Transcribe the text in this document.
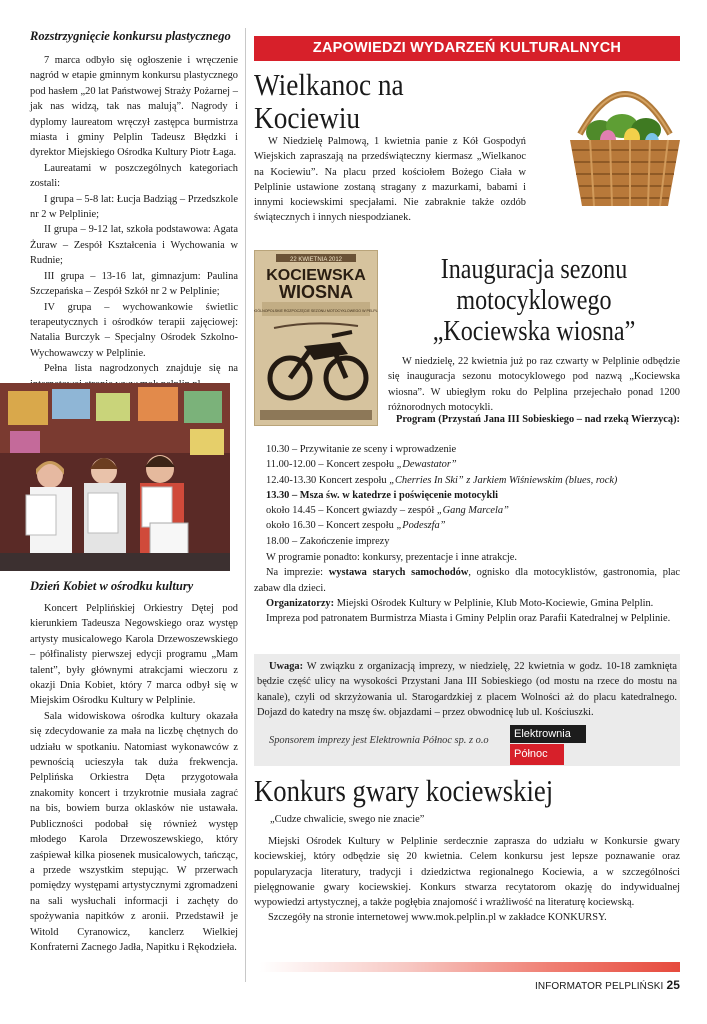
Rozstrzygnięcie konkursu plastycznego

7 marca odbyło się ogłoszenie i wręczenie nagród w etapie gminnym konkursu plastycznego pod hasłem „20 lat Państwowej Straży Pożarnej – jak nas widzą, tak nas malują”. Nagrody i dyplomy laureatom wręczył zastępca burmistrza miasta i gminy Pelplin Tadeusz Błędzki i dyrektor Miejskiego Ośrodka Kultury Piotr Łaga.

Laureatami w poszczególnych kategoriach zostali:

I grupa – 5-8 lat: Łucja Badziąg – Przedszkole nr 2 w Pelplinie;

II grupa – 9-12 lat, szkoła podstawowa: Agata Żuraw – Zespół Kształcenia i Wychowania w Rudnie;

III grupa – 13-16 lat, gimnazjum: Paulina Szczepańska – Zespół Szkół nr 2 w Pelplinie;

IV grupa – wychowankowie świetlic terapeutycznych i ośrodków terapii zajęciowej: Natalia Burczyk – Specjalny Ośrodek Szkolno-Wychowawczy w Pelplinie.

Pełna lista nagrodzonych znajduje się na

Dzień Kobiet w ośrodku kultury

Koncert Pelplińskiej Orkiestry Dętej pod kierunkiem Tadeusza Negowskiego oraz występ artysty musicalowego Karola Drzewoszewskiego – półfinalisty pierwszej edycji programu „Mam talent”, były głównymi atrakcjami wieczoru z okazji Dnia Kobiet, który 7 marca odbył się w Miejskim Ośrodku Kultury w Pelplinie.

Sala widowiskowa ośrodka kultury okazała się zdecydowanie za mała na liczbę chętnych do udziału w spotkaniu. Natomiast wykonawców z pewnością ucieszyła tak duża frekwencja. Pelplińska Orkiestra Dęta przygotowała znakomity koncert i trzykrotnie musiała zagrać na bis, bowiem burza oklasków nie ustawała. Publiczności podobał się również występ młodego Karola Drzewoszewskiego, który zaśpiewał kilka piosenek musicalowych, tańcząc, a przede wszystkim stepując. W przerwach pomiędzy występami artystycznymi zgromadzeni na sali wysłuchali informacji i zachęty do spożywania napitków z aronii. Przedstawił je Witold Cyranowicz, kanclerz Wielkiej Konfraterni Zacnego Jadła, Napitku i Rękodzieła.

ZAPOWIEDZI WYDARZEŃ KULTURALNYCH
Wielkanoc na
Kociewiu

W Niedzielę Palmową, 1 kwietnia panie z Kół Gospodyń Wiejskich zapraszają na przedświąteczny kiermasz „Wielkanoc na Kociewiu”. Na placu przed kościołem Bożego Ciała w Pelplinie ustawione zostaną stragany z mazurkami, babami i innymi kociewskimi specjałami. Nie zabraknie także ozdób świątecznych i innych niespodzianek.

22 KWIETNIA 2012
KOCIEWSKA
WIOSNA
IV OGÓLNOPOLSKIE ROZPOCZĘCIE SEZONU MOTOCYKLOWEGO W PELPLINIE
Inauguracja sezonu
motocyklowego
„Kociewska wiosna”

W niedzielę, 22 kwietnia już po raz czwarty w Pelplinie odbędzie się inauguracja sezonu motocyklowego pod nazwą „Kociewska wiosna”. W ubiegłym roku do Pelplina przejechało ponad 1200 różnorodnych motocykli.

Program (Przystań Jana III Sobieskiego – nad rzeką Wierzycą):
10.30 – Przywitanie ze sceny i wprowadzenie
11.00-12.00 – Koncert zespołu „Dewastator”
12.40-13.30 Koncert zespołu „Cherries In Ski” z Jarkiem Wiśniewskim (blues, rock)
13.30 – Msza św. w katedrze i poświęcenie motocykli
około 14.45 – Koncert gwiazdy – zespół „Gang Marcela”
około 16.30 – Koncert zespołu „Podeszfa”
18.00 – Zakończenie imprezy

W programie ponadto: konkursy, prezentacje i inne atrakcje.

Na imprezie: wystawa starych samochodów, ognisko dla motocyklistów, gastronomia, plac zabaw dla dzieci.

Organizatorzy: Miejski Ośrodek Kultury w Pelplinie, Klub Moto-Kociewie, Gmina Pelplin.

Impreza pod patronatem Burmistrza Miasta i Gminy Pelplin oraz Parafii Katedralnej w Pelplinie.

Uwaga: W związku z organizacją imprezy, w niedzielę, 22 kwietnia w godz. 10-18 zamknięta będzie część ulicy na wysokości Przystani Jana III Sobieskiego (od mostu na rzece do mostu na kanale), czyli od skrzyżowania ul. Starogardzkiej z placem Wolności aż do placu katedralnego. Dojazd do katedry na mszę św. objazdami – przez obwodnicę lub ul. Kościuszki.

Sponsorem imprezy jest Elektrownia Północ sp. z o.o
Elektrownia
Północ
Konkurs gwary kociewskiej
„Cudze chwalicie, swego nie znacie”

Miejski Ośrodek Kultury w Pelplinie serdecznie zaprasza do udziału w Konkursie gwary kociewskiej, który odbędzie się 20 kwietnia. Celem konkursu jest lepsze poznawanie oraz popularyzacja literatury, tradycji i dziedzictwa regionalnego Kociewia, a w szczególności pielęgnowanie gwary kociewskiej. Konkurs stwarza recytatorom okazję do indywidualnej wypowiedzi artystycznej, a także pogłębia znajomość i wrażliwość na literaturę kociewską.

Szczegóły na stronie internetowej www.mok.pelplin.pl w zakładce KONKURSY.

INFORMATOR PELPLIŃSKI 25
